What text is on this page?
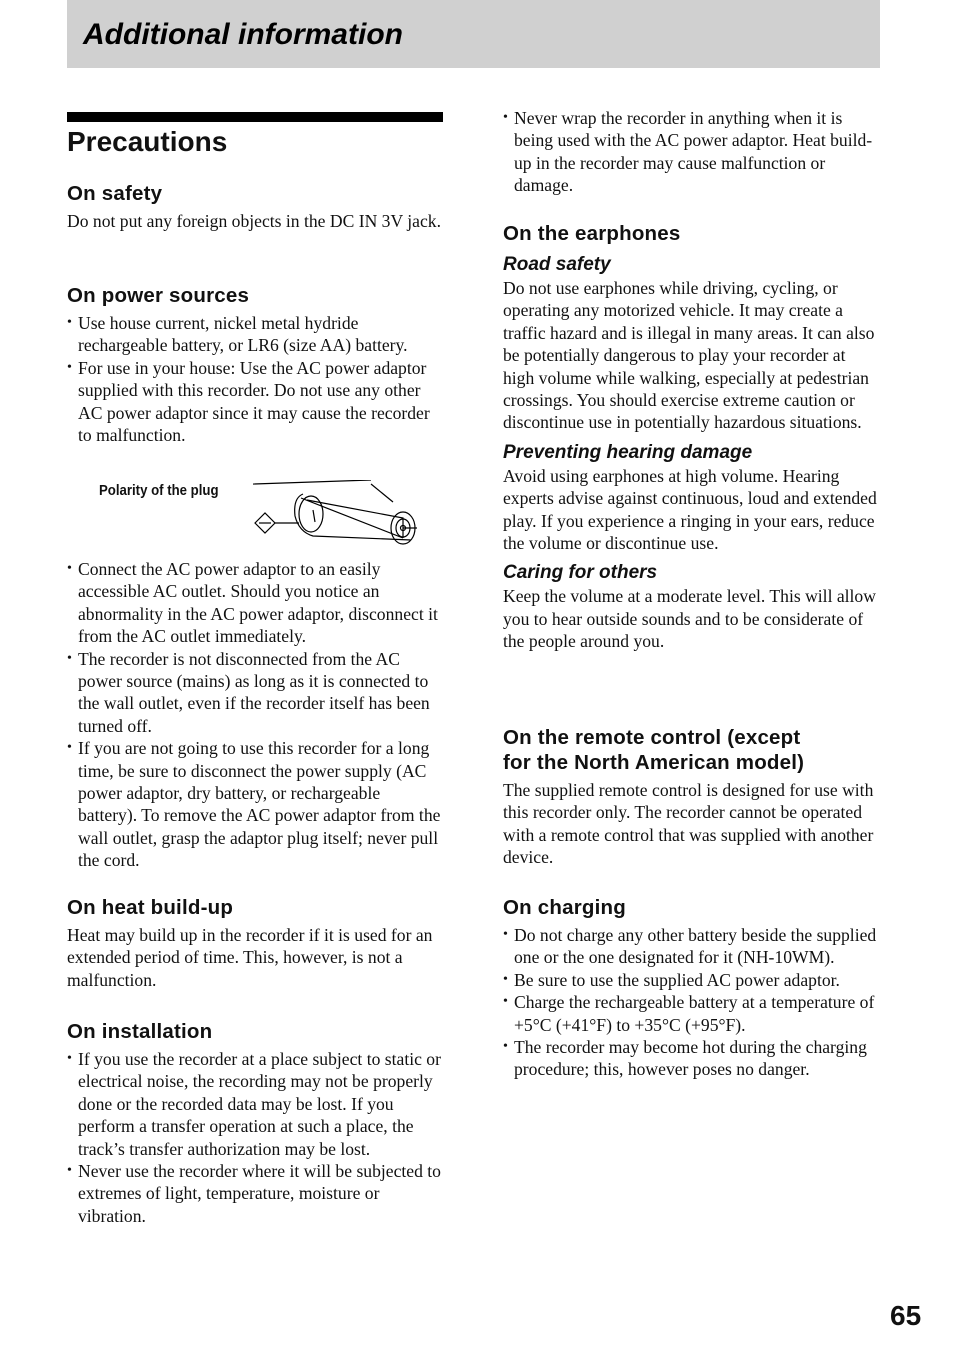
Additional information
Precautions
On safety

Do not put any foreign objects in the DC IN 3V jack.

On power sources
• Use house current, nickel metal hydride rechargeable battery, or LR6 (size AA) battery.
• For use in your house: Use the AC power adaptor supplied with this recorder. Do not use any other AC power adaptor since it may cause the recorder to malfunction.
Polarity of the plug
• Connect the AC power adaptor to an easily accessible AC outlet. Should you notice an abnormality in the AC power adaptor, disconnect it from the AC outlet immediately.
• The recorder is not disconnected from the AC power source (mains) as long as it is connected to the wall outlet, even if the recorder itself has been turned off.
• If you are not going to use this recorder for a long time, be sure to disconnect the power supply (AC power adaptor, dry battery, or rechargeable battery). To remove the AC power adaptor from the wall outlet, grasp the adaptor plug itself; never pull the cord.
On heat build-up

Heat may build up in the recorder if it is used for an extended period of time. This, however, is not a malfunction.

On installation
• If you use the recorder at a place subject to static or electrical noise, the recording may not be properly done or the recorded data may be lost. If you perform a transfer operation at such a place, the track’s transfer authorization may be lost.
• Never use the recorder where it will be subjected to extremes of light, temperature, moisture or vibration.
• Never wrap the recorder in anything when it is being used with the AC power adaptor. Heat build-up in the recorder may cause malfunction or damage.
On the earphones
Road safety

Do not use earphones while driving, cycling, or operating any motorized vehicle. It may create a traffic hazard and is illegal in many areas. It can also be potentially dangerous to play your recorder at high volume while walking, especially at pedestrian crossings. You should exercise extreme caution or discontinue use in potentially hazardous situations.

Preventing hearing damage

Avoid using earphones at high volume. Hearing experts advise against continuous, loud and extended play. If you experience a ringing in your ears, reduce the volume or discontinue use.

Caring for others

Keep the volume at a moderate level. This will allow you to hear outside sounds and to be considerate of the people around you.

On the remote control (except
for the North American model)

The supplied remote control is designed for use with this recorder only. The recorder cannot be operated with a remote control that was supplied with another device.

On charging
• Do not charge any other battery beside the supplied one or the one designated for it (NH-10WM).
• Be sure to use the supplied AC power adaptor.
• Charge the rechargeable battery at a temperature of +5°C (+41°F) to +35°C (+95°F).
• The recorder may become hot during the charging procedure; this, however poses no danger.
65
